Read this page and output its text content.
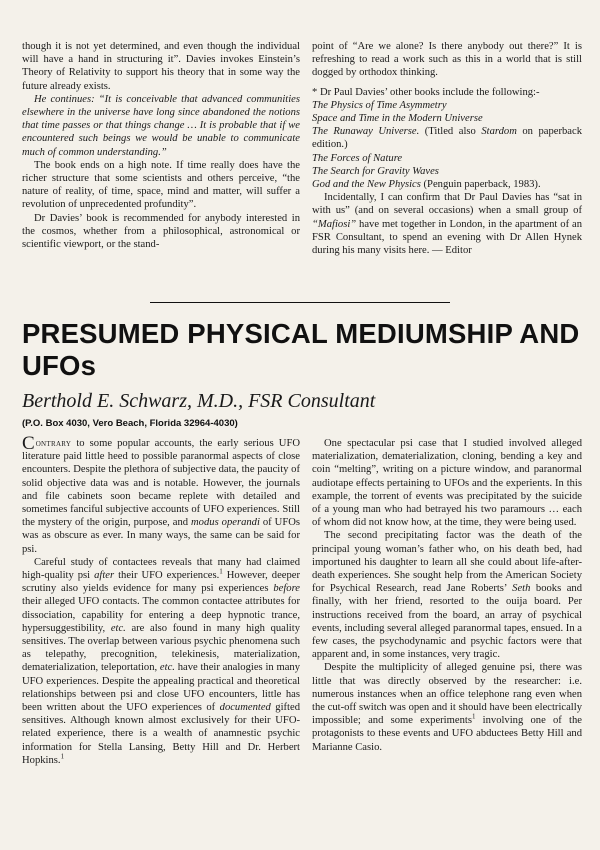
though it is not yet determined, and even though the individual will have a hand in structuring it”. Davies invokes Einstein’s Theory of Relativity to support his theory that in some way the future already exists.

He continues: “It is conceivable that advanced communities elsewhere in the universe have long since abandoned the notions that time passes or that things change … It is probable that if we encountered such beings we would be unable to communicate much of common understanding.”

The book ends on a high note. If time really does have the richer structure that some scientists and others perceive, “the nature of reality, of time, space, mind and matter, will suffer a revolution of unprecedented profundity”.

Dr Davies’ book is recommended for anybody interested in the cosmos, whether from a philosophical, astronomical or scientific viewport, or the stand-

point of “Are we alone? Is there anybody out there?” It is refreshing to read a work such as this in a world that is still dogged by orthodox thinking.

* Dr Paul Davies’ other books include the following:-

The Physics of Time Asymmetry

Space and Time in the Modern Universe

The Runaway Universe. (Titled also Stardom on paperback edition.)

The Forces of Nature

The Search for Gravity Waves

God and the New Physics (Penguin paperback, 1983).

Incidentally, I can confirm that Dr Paul Davies has “sat in with us” (and on several occasions) when a small group of “Mafiosi” have met together in London, in the apartment of an FSR Consultant, to spend an evening with Dr Allen Hynek during his many visits here. — Editor

PRESUMED PHYSICAL MEDIUMSHIP AND UFOs
Berthold E. Schwarz, M.D., FSR Consultant
(P.O. Box 4030, Vero Beach, Florida 32964-4030)

Contrary to some popular accounts, the early serious UFO literature paid little heed to possible paranormal aspects of close encounters. Despite the plethora of subjective data, the paucity of solid objective data was and is notable. However, the journals and file cabinets soon became replete with detailed and sometimes fanciful subjective accounts of UFO experiences. Still the mystery of the origin, purpose, and modus operandi of UFOs was as obscure as ever. In many ways, the same can be said for psi.

Careful study of contactees reveals that many had claimed high-quality psi after their UFO experiences.$^1$ However, deeper scrutiny also yields evidence for many psi experiences before their alleged UFO contacts. The common contactee attributes for dissociation, capability for entering a deep hypnotic trance, hypersuggestibility, etc. are also found in many high quality sensitives. The overlap between various psychic phenomena such as telepathy, precognition, telekinesis, materialization, dematerialization, teleportation, etc. have their analogies in many UFO experiences. Despite the appealing practical and theoretical relationships between psi and close UFO encounters, little has been written about the UFO experiences of documented gifted sensitives. Although known almost exclusively for their UFO-related experience, there is a wealth of anamnestic psychic information for Stella Lansing, Betty Hill and Dr. Herbert Hopkins.$^1$

One spectacular psi case that I studied involved alleged materialization, dematerialization, cloning, bending a key and coin “melting”, writing on a picture window, and paranormal audiotape effects pertaining to UFOs and the experients. In this example, the torrent of events was precipitated by the suicide of a young man who had betrayed his two paramours … each of whom did not know how, at the time, they were being used.

The second precipitating factor was the death of the principal young woman’s father who, on his death bed, had importuned his daughter to learn all she could about life-after-death experiences. She sought help from the American Society for Psychical Research, read Jane Roberts’ Seth books and finally, with her friend, resorted to the ouija board. Per instructions received from the board, an array of psychical events, including several alleged paranormal tapes, ensued. In a few cases, the psychodynamic and psychic factors were that apparent and, in some instances, very tragic.

Despite the multiplicity of alleged genuine psi, there was little that was directly observed by the researcher: i.e. numerous instances when an office telephone rang even when the cut-off switch was open and it should have been electrically impossible; and some experiments$^1$ involving one of the protagonists to these events and UFO abductees Betty Hill and Marianne Casio.
